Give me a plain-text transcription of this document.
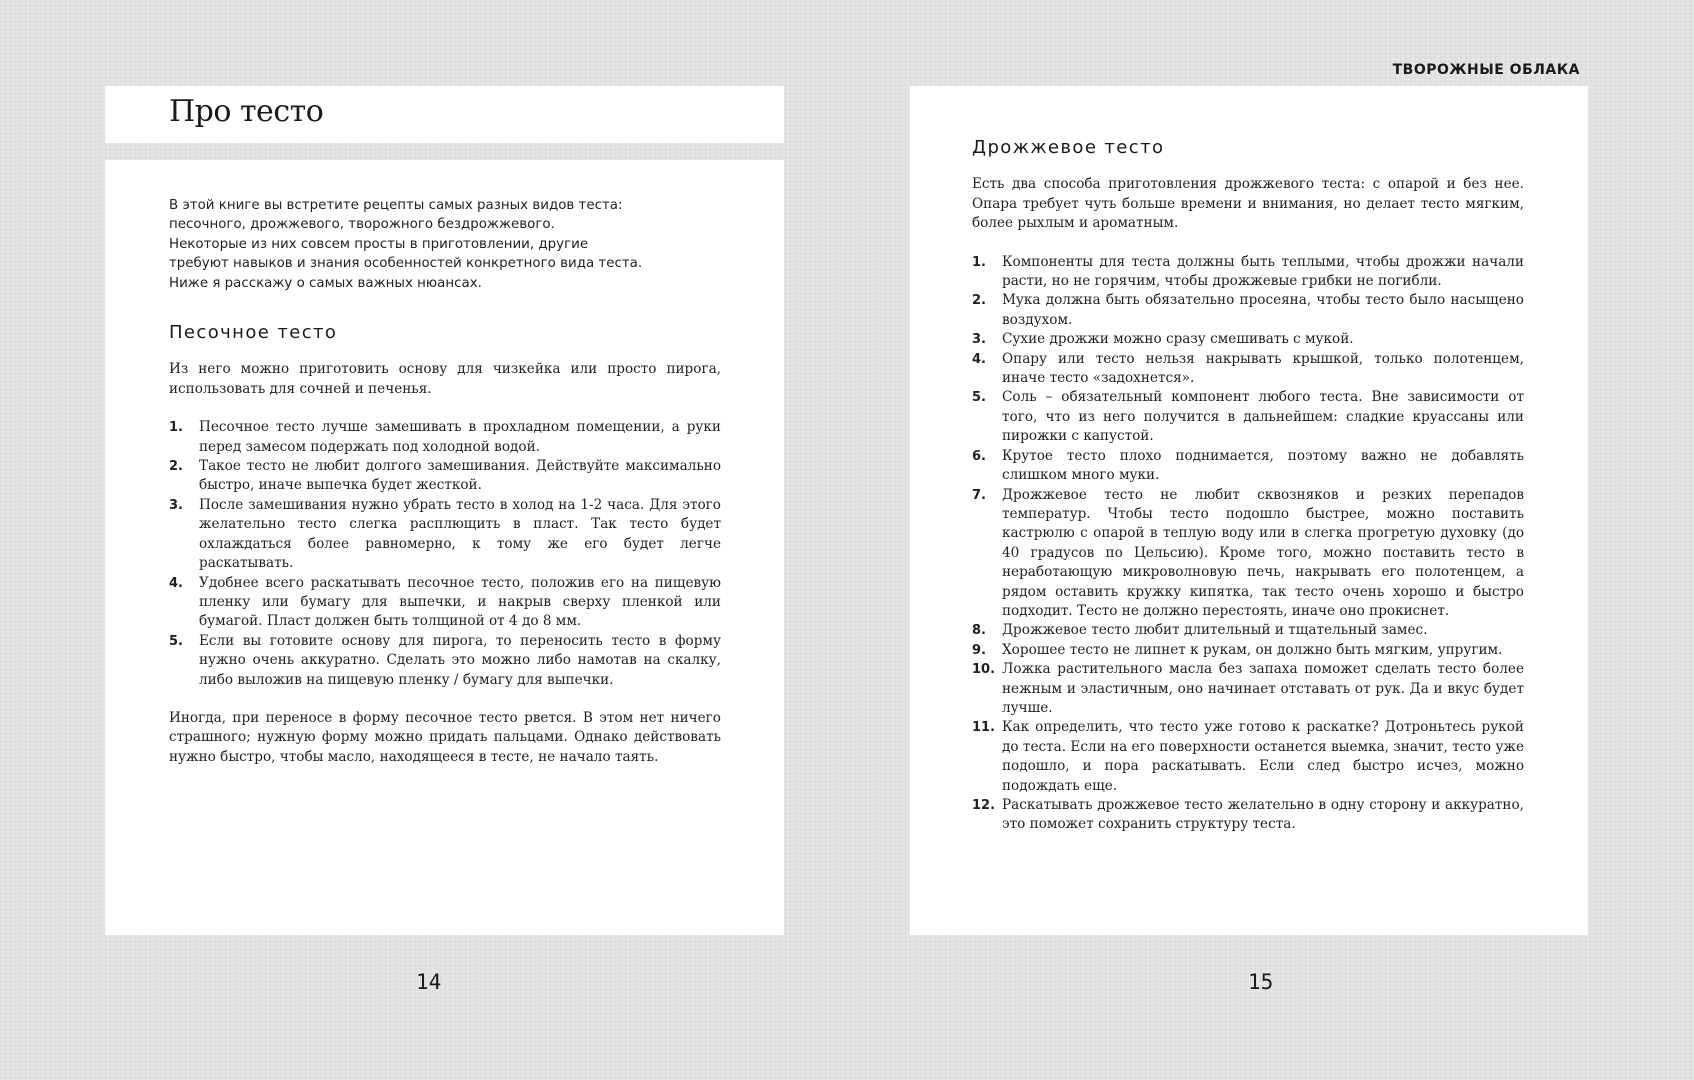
ТВОРОЖНЫЕ ОБЛАКА
Про тесто
В этой книге вы встретите рецепты самых разных видов теста:
песочного, дрожжевого, творожного бездрожжевого.
Некоторые из них совсем просты в приготовлении, другие
требуют навыков и знания особенностей конкретного вида теста.
Ниже я расскажу о самых важных нюансах.
Песочное тесто

Из него можно приготовить основу для чизкейка или просто пирога, использовать для сочней и печенья.

1. Песочное тесто лучше замешивать в прохладном помещении, а руки перед замесом подержать под холодной водой.
2. Такое тесто не любит долгого замешивания. Действуйте максимально быстро, иначе выпечка будет жесткой.
3. После замешивания нужно убрать тесто в холод на 1-2 часа. Для этого желательно тесто слегка расплющить в пласт. Так тесто будет охлаждаться более равномерно, к тому же его будет легче раскатывать.
4. Удобнее всего раскатывать песочное тесто, положив его на пищевую пленку или бумагу для выпечки, и накрыв сверху пленкой или бумагой. Пласт должен быть толщиной от 4 до 8 мм.
5. Если вы готовите основу для пирога, то переносить тесто в форму нужно очень аккуратно. Сделать это можно либо намотав на скалку, либо выложив на пищевую пленку / бумагу для выпечки.

Иногда, при переносе в форму песочное тесто рвется. В этом нет ничего страшного; нужную форму можно придать пальцами. Однако действовать нужно быстро, чтобы масло, находящееся в тесте, не начало таять.

Дрожжевое тесто

Есть два способа приготовления дрожжевого теста: с опарой и без нее. Опара требует чуть больше времени и внимания, но делает тесто мягким, более рыхлым и ароматным.

1. Компоненты для теста должны быть теплыми, чтобы дрожжи начали расти, но не горячим, чтобы дрожжевые грибки не погибли.
2. Мука должна быть обязательно просеяна, чтобы тесто было насыщено воздухом.
3. Сухие дрожжи можно сразу смешивать с мукой.
4. Опару или тесто нельзя накрывать крышкой, только полотенцем, иначе тесто «задохнется».
5. Соль – обязательный компонент любого теста. Вне зависимости от того, что из него получится в дальнейшем: сладкие круассаны или пирожки с капустой.
6. Крутое тесто плохо поднимается, поэтому важно не добавлять слишком много муки.
7. Дрожжевое тесто не любит сквозняков и резких перепадов температур. Чтобы тесто подошло быстрее, можно поставить кастрюлю с опарой в теплую воду или в слегка прогретую духовку (до 40 градусов по Цельсию). Кроме того, можно поставить тесто в неработающую микроволновую печь, накрывать его полотенцем, а рядом оставить кружку кипятка, так тесто очень хорошо и быстро подходит. Тесто не должно перестоять, иначе оно прокиснет.
8. Дрожжевое тесто любит длительный и тщательный замес.
9. Хорошее тесто не липнет к рукам, он должно быть мягким, упругим.
10. Ложка растительного масла без запаха поможет сделать тесто более нежным и эластичным, оно начинает отставать от рук. Да и вкус будет лучше.
11. Как определить, что тесто уже готово к раскатке? Дотроньтесь рукой до теста. Если на его поверхности останется выемка, значит, тесто уже подошло, и пора раскатывать. Если след быстро исчез, можно подождать еще.
12. Раскатывать дрожжевое тесто желательно в одну сторону и аккуратно, это поможет сохранить структуру теста.
14	15
